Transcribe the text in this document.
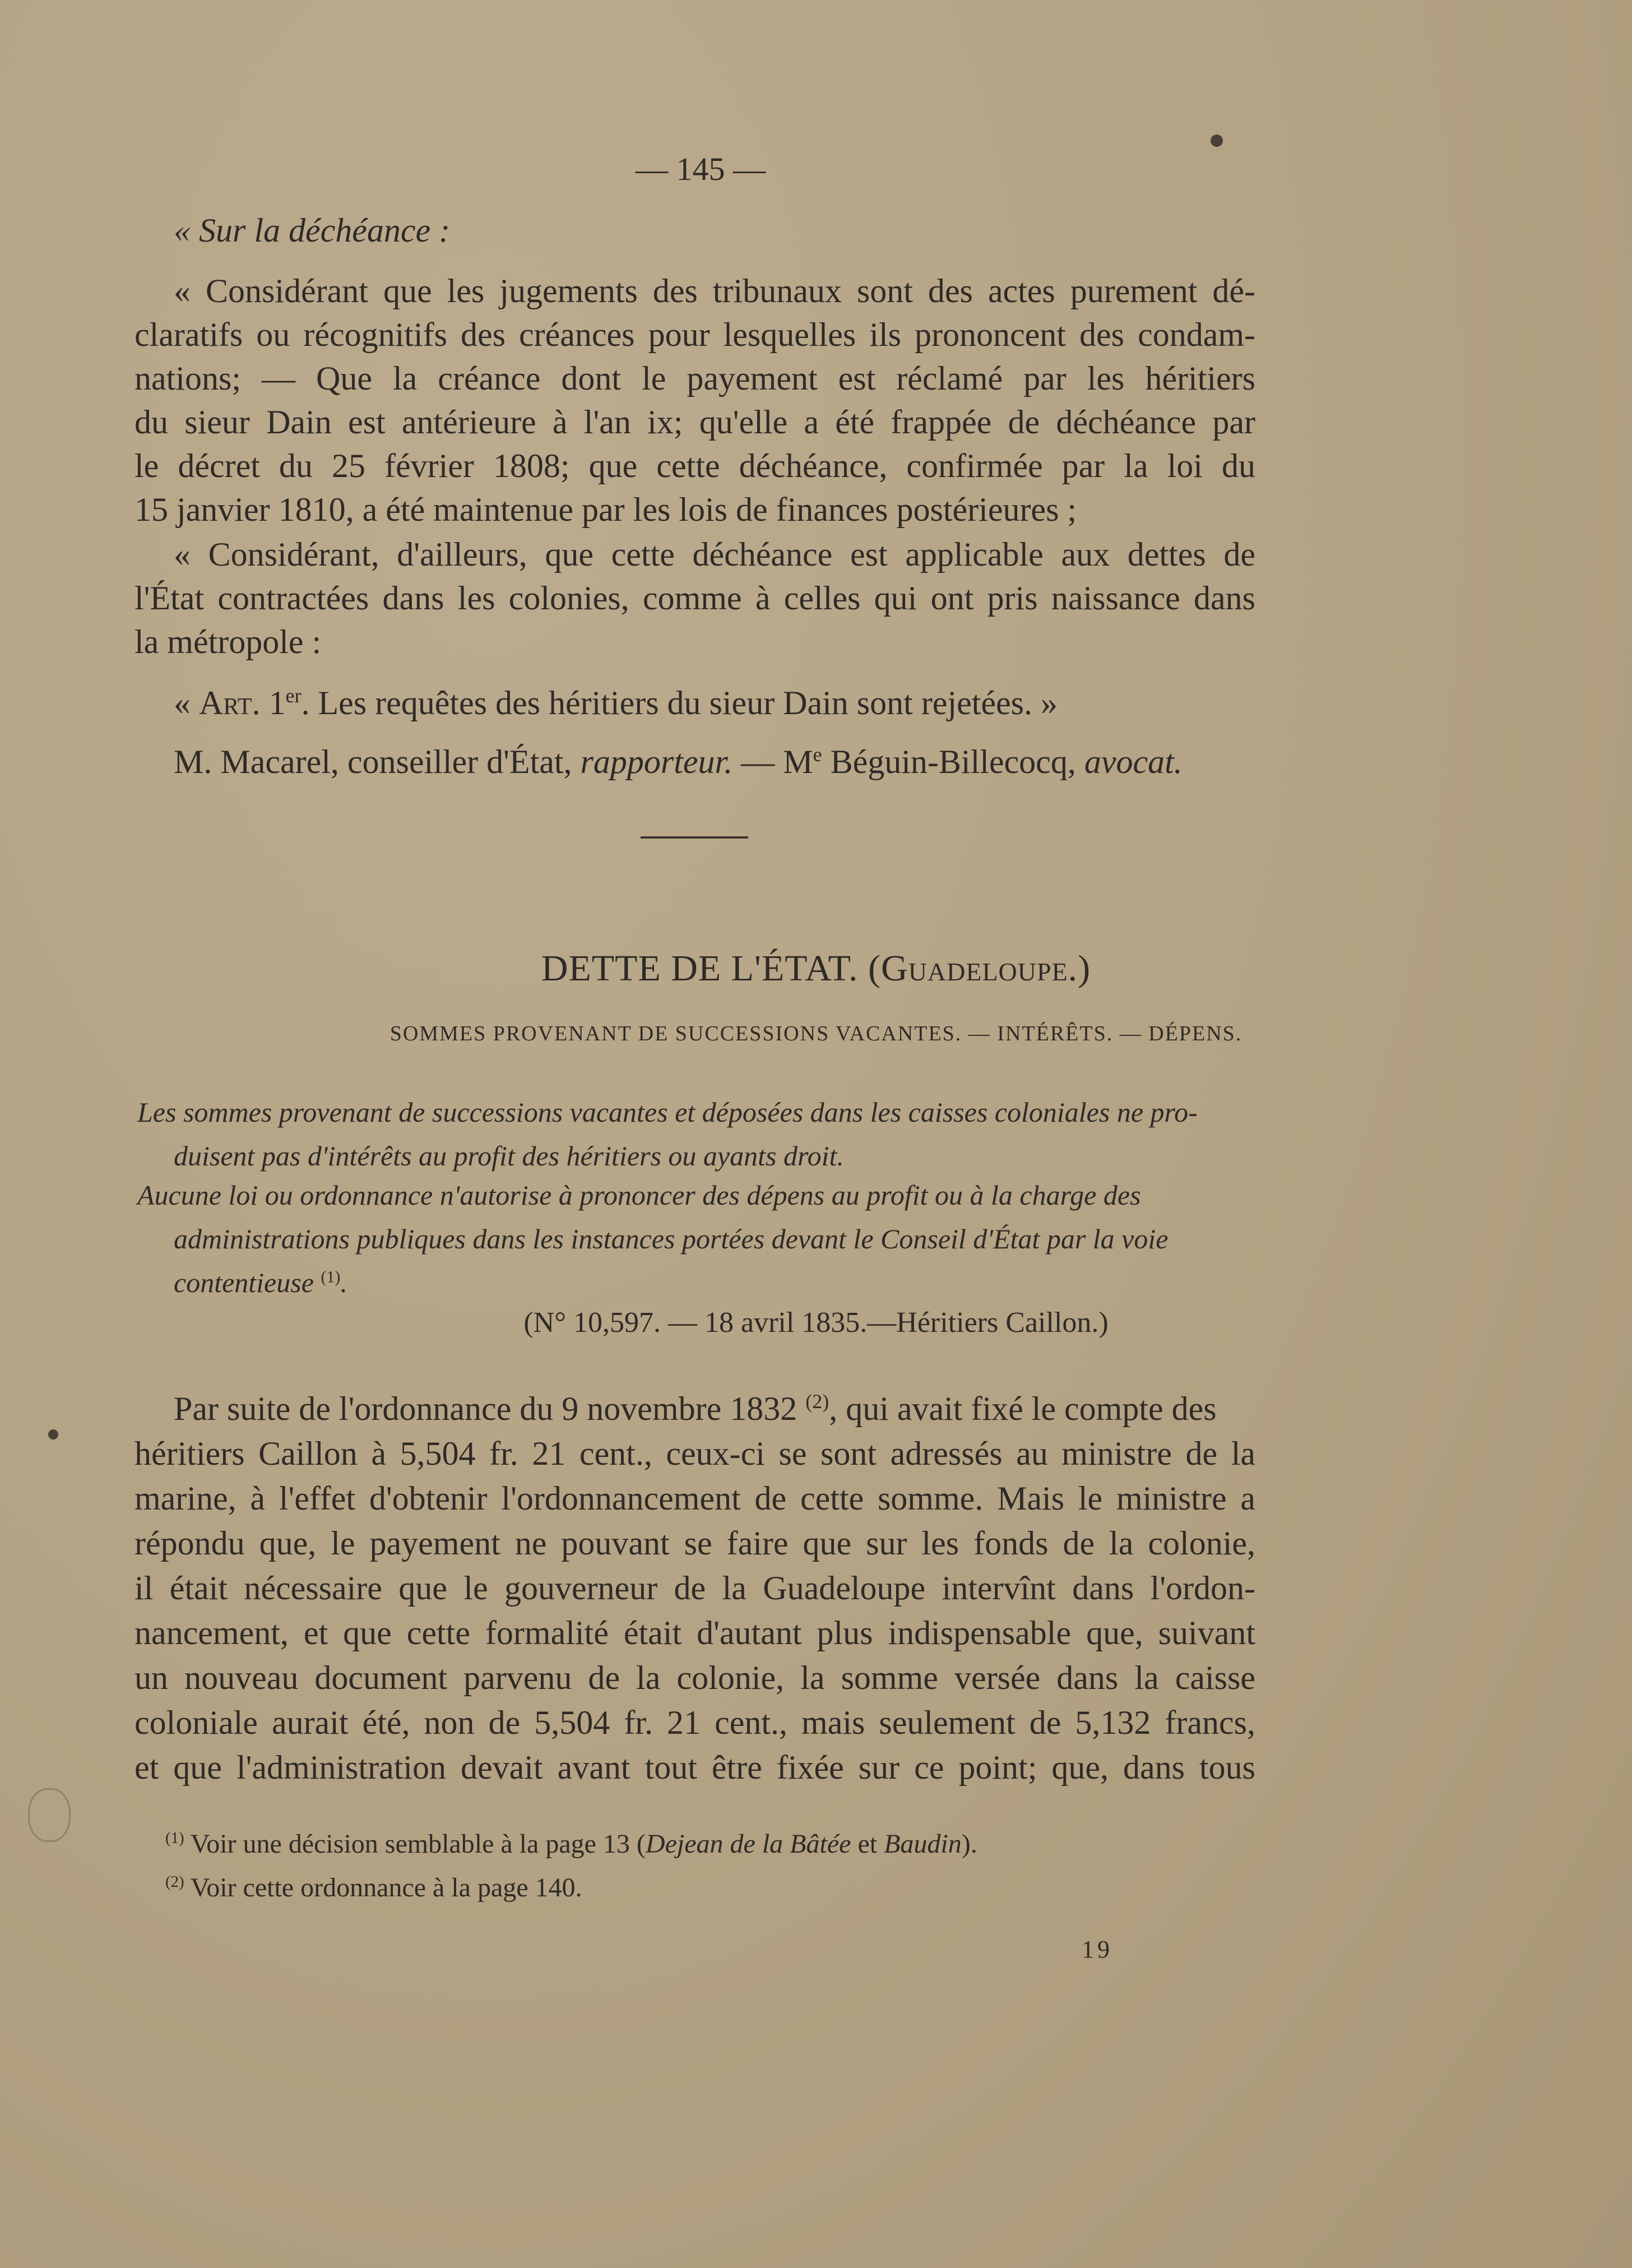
— 145 —
« Sur la déchéance :
« Considérant que les jugements des tribunaux sont des actes purement dé-
claratifs ou récognitifs des créances pour lesquelles ils prononcent des condam-
nations; — Que la créance dont le payement est réclamé par les héritiers
du sieur Dain est antérieure à l'an ix; qu'elle a été frappée de déchéance par
le décret du 25 février 1808; que cette déchéance, confirmée par la loi du
15 janvier 1810, a été maintenue par les lois de finances postérieures ;
« Considérant, d'ailleurs, que cette déchéance est applicable aux dettes de
l'État contractées dans les colonies, comme à celles qui ont pris naissance dans
la métropole :
« Art. 1er. Les requêtes des héritiers du sieur Dain sont rejetées. »
M. Macarel, conseiller d'État, rapporteur. — Me Béguin-Billecocq, avocat.
DETTE DE L'ÉTAT. (Guadeloupe.)
SOMMES PROVENANT DE SUCCESSIONS VACANTES. — INTÉRÊTS. — DÉPENS.
Les sommes provenant de successions vacantes et déposées dans les caisses coloniales ne pro-
duisent pas d'intérêts au profit des héritiers ou ayants droit.
Aucune loi ou ordonnance n'autorise à prononcer des dépens au profit ou à la charge des
administrations publiques dans les instances portées devant le Conseil d'État par la voie
contentieuse $^{(1)}$.
(N° 10,597. — 18 avril 1835.—Héritiers Caillon.)
Par suite de l'ordonnance du 9 novembre 1832 $^{(2)}$, qui avait fixé le compte des
héritiers Caillon à 5,504 fr. 21 cent., ceux-ci se sont adressés au ministre de la
marine, à l'effet d'obtenir l'ordonnancement de cette somme. Mais le ministre a
répondu que, le payement ne pouvant se faire que sur les fonds de la colonie,
il était nécessaire que le gouverneur de la Guadeloupe intervînt dans l'ordon-
nancement, et que cette formalité était d'autant plus indispensable que, suivant
un nouveau document parvenu de la colonie, la somme versée dans la caisse
coloniale aurait été, non de 5,504 fr. 21 cent., mais seulement de 5,132 francs,
et que l'administration devait avant tout être fixée sur ce point; que, dans tous
$^{(1)}$ Voir une décision semblable à la page 13 (Dejean de la Bâtée et Baudin).
$^{(2)}$ Voir cette ordonnance à la page 140.
19
